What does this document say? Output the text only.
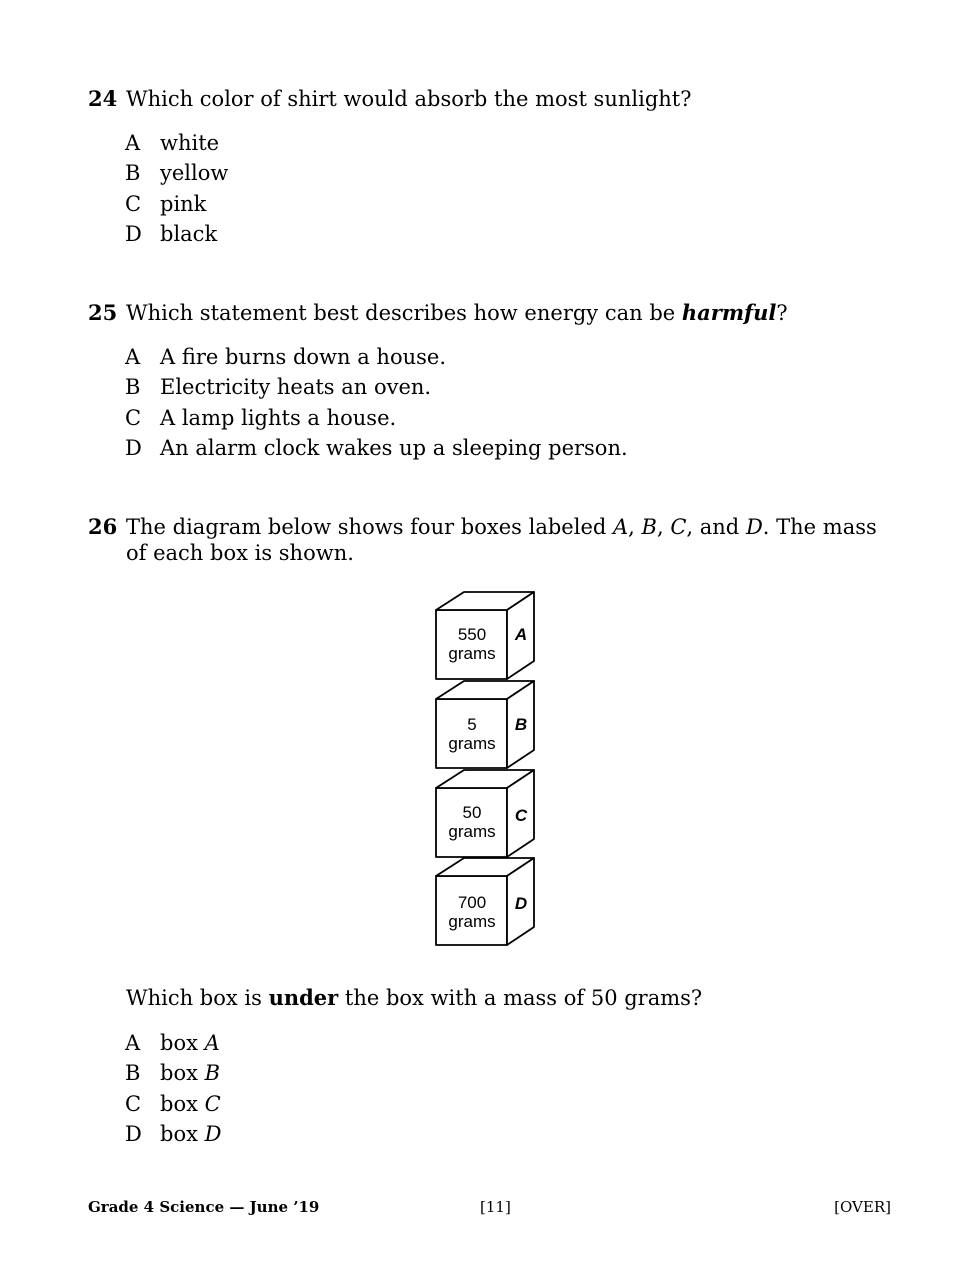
24 Which color of shirt would absorb the most sunlight?
A white
B yellow
C pink
D black
25 Which statement best describes how energy can be harmful?
A A fire burns down a house.
B Electricity heats an oven.
C A lamp lights a house.
D An alarm clock wakes up a sleeping person.
26 The diagram below shows four boxes labeled A, B, C, and D. The mass of each box is shown.
550
grams
5
grams
50
grams
700
grams
A
B
C
D
Which box is under the box with a mass of 50 grams?
A box A
B box B
C box C
D box D
Grade 4 Science — June ’19	[11]	[OVER]
